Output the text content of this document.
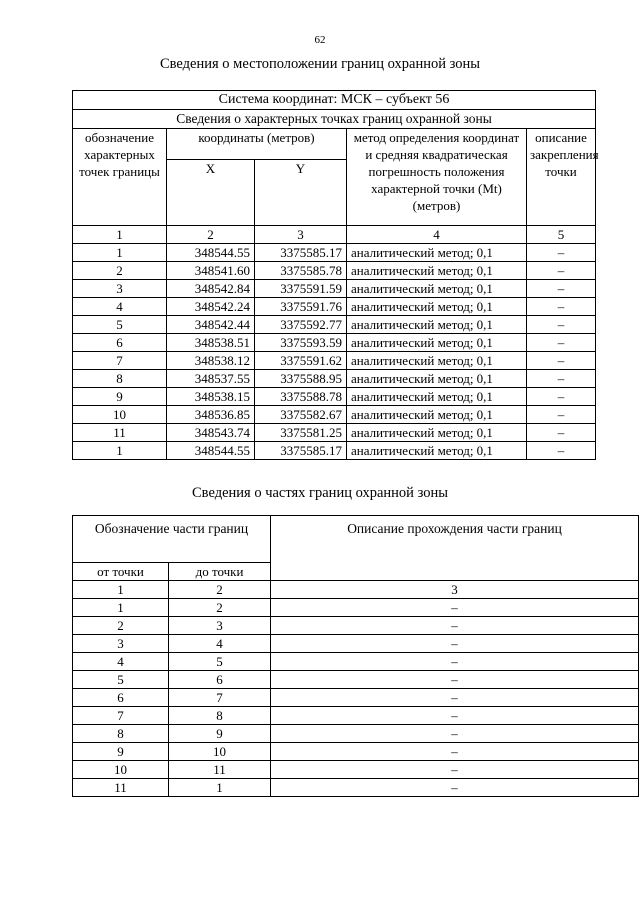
62
Сведения о местоположении границ охранной зоны
Система координат: МСК – субъект 56				
Сведения о характерных точках границ охранной зоны				
обозначение характерных точек границы	координаты (метров)		метод определения координат и средняя квадратическая погрешность положения характерной точки (Mt) (метров)	описание закрепления точки
	X	Y		
1	2	3	4	5
1	348544.55	3375585.17	аналитический метод; 0,1	–
2	348541.60	3375585.78	аналитический метод; 0,1	–
3	348542.84	3375591.59	аналитический метод; 0,1	–
4	348542.24	3375591.76	аналитический метод; 0,1	–
5	348542.44	3375592.77	аналитический метод; 0,1	–
6	348538.51	3375593.59	аналитический метод; 0,1	–
7	348538.12	3375591.62	аналитический метод; 0,1	–
8	348537.55	3375588.95	аналитический метод; 0,1	–
9	348538.15	3375588.78	аналитический метод; 0,1	–
10	348536.85	3375582.67	аналитический метод; 0,1	–
11	348543.74	3375581.25	аналитический метод; 0,1	–
1	348544.55	3375585.17	аналитический метод; 0,1	–
Сведения о частях границ охранной зоны
Обозначение части границ		Описание прохождения части границ
от точки	до точки	
1	2	3
1	2	–
2	3	–
3	4	–
4	5	–
5	6	–
6	7	–
7	8	–
8	9	–
9	10	–
10	11	–
11	1	–
